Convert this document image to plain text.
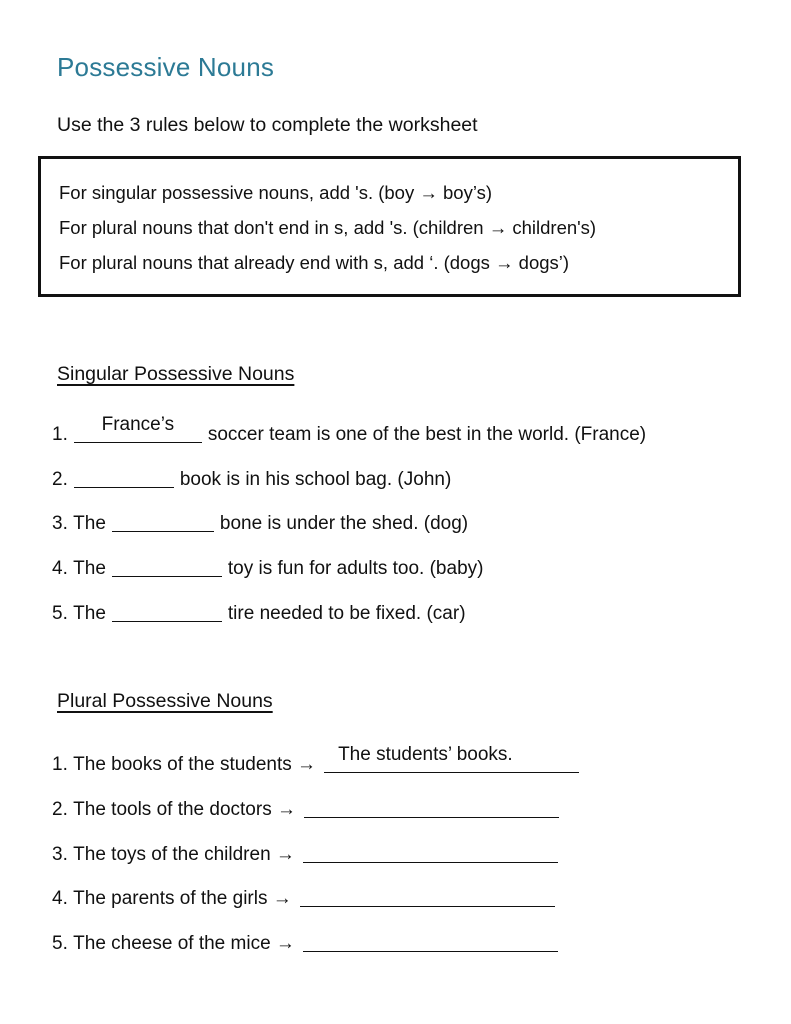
Possessive Nouns
Use the 3 rules below to complete the worksheet
For singular possessive nouns, add 's. (boy → boy’s)
For plural nouns that don't end in s, add 's. (children → children's)
For plural nouns that already end with s, add ‘. (dogs → dogs’)
Singular Possessive Nouns
1.	France’s	soccer team is one of the best in the world. (France)
2.	book is in his school bag. (John)
3.
The	bone is under the shed. (dog)
4.
The	toy is fun for adults too. (baby)
5.
The	tire needed to be fixed. (car)
Plural Possessive Nouns
1.
The books of the students → The students’ books.
2.
The tools of the doctors →
3.
The toys of the children →
4.
The parents of the girls →
5.
The cheese of the mice →
